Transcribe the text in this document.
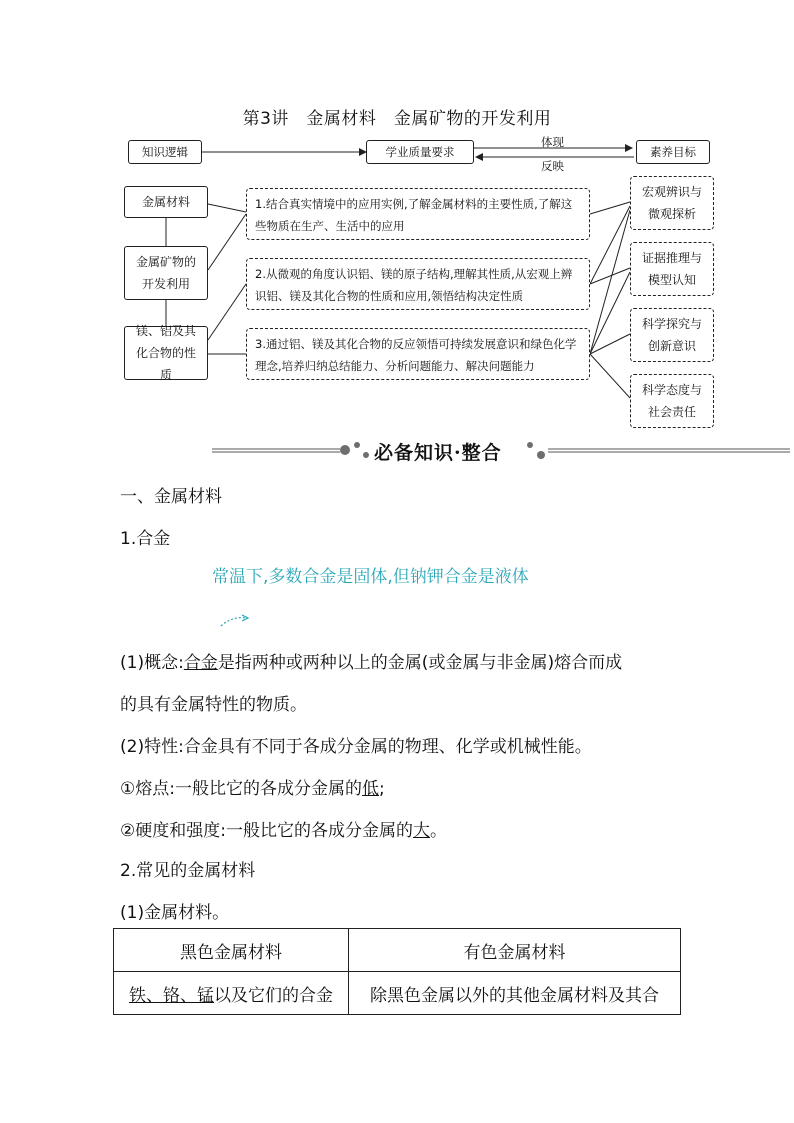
第3讲　金属材料　金属矿物的开发利用
知识逻辑	学业质量要求	素养目标
体现
反映
金属材料
金属矿物的开发利用
镁、铝及其化合物的性质
1.结合真实情境中的应用实例,了解金属材料的主要性质,了解这些物质在生产、生活中的应用
2.从微观的角度认识铝、镁的原子结构,理解其性质,从宏观上辨识铝、镁及其化合物的性质和应用,领悟结构决定性质
3.通过铝、镁及其化合物的反应领悟可持续发展意识和绿色化学理念,培养归纳总结能力、分析问题能力、解决问题能力
宏观辨识与微观探析
证据推理与模型认知
科学探究与创新意识
科学态度与社会责任
必备知识·整合
一、金属材料
1.合金
常温下,多数合金是固体,但钠钾合金是液体
(1)概念:合金是指两种或两种以上的金属(或金属与非金属)熔合而成
的具有金属特性的物质。
(2)特性:合金具有不同于各成分金属的物理、化学或机械性能。
①熔点:一般比它的各成分金属的低;
②硬度和强度:一般比它的各成分金属的大。
2.常见的金属材料
(1)金属材料。
黑色金属材料	有色金属材料
铁、铬、锰以及它们的合金	除黑色金属以外的其他金属材料及其合
